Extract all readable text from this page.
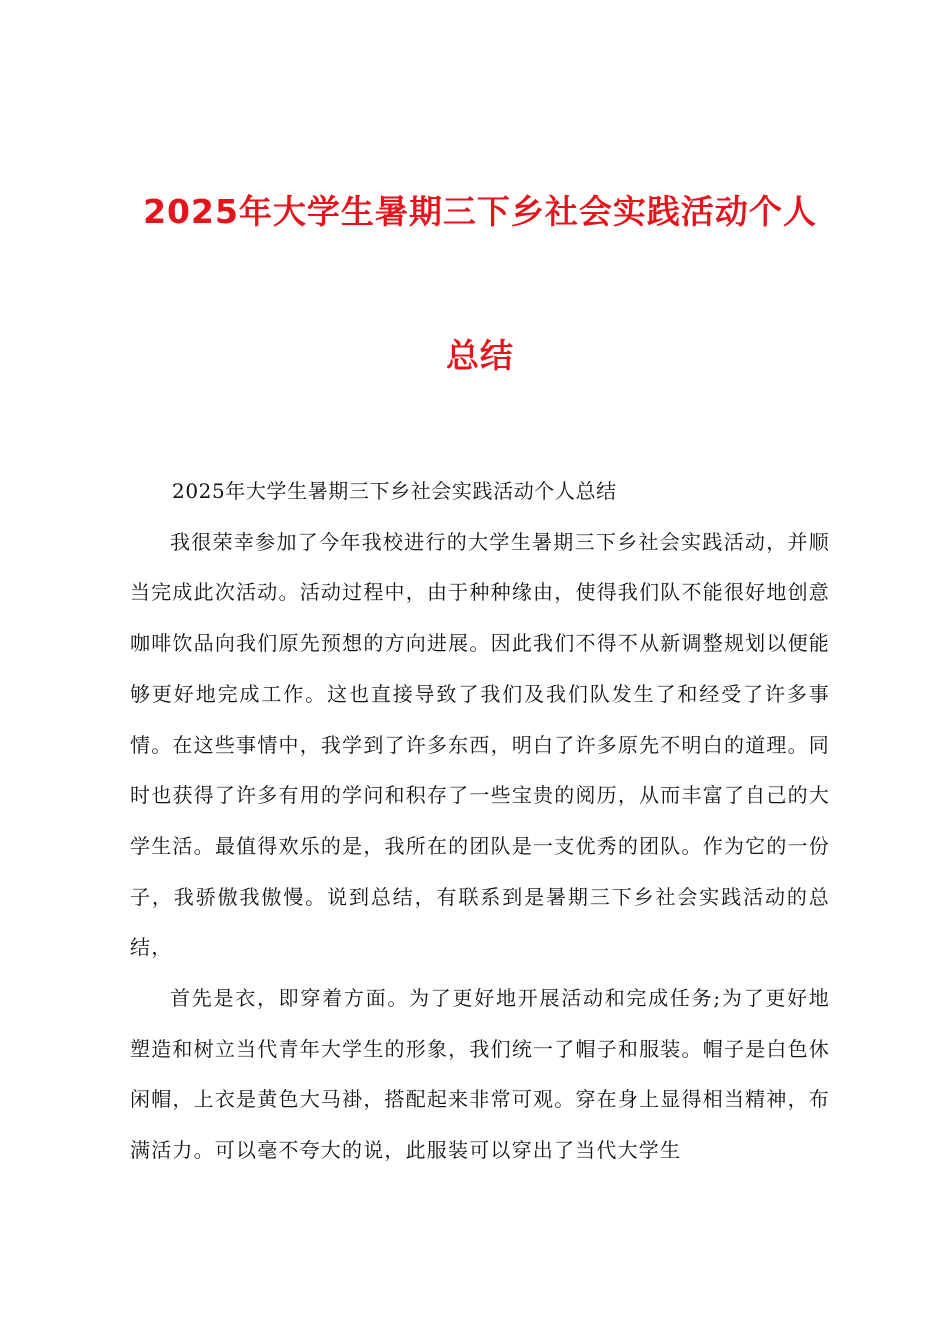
2025年大学生暑期三下乡社会实践活动个人
总结

2025年大学生暑期三下乡社会实践活动个人总结

我很荣幸参加了今年我校进行的大学生暑期三下乡社会实践活动，并顺当完成此次活动。活动过程中，由于种种缘由，使得我们队不能很好地创意咖啡饮品向我们原先预想的方向进展。因此我们不得不从新调整规划以便能够更好地完成工作。这也直接导致了我们及我们队发生了和经受了许多事情。在这些事情中，我学到了许多东西，明白了许多原先不明白的道理。同时也获得了许多有用的学问和积存了一些宝贵的阅历，从而丰富了自己的大学生活。最值得欢乐的是，我所在的团队是一支优秀的团队。作为它的一份子，我骄傲我傲慢。说到总结，有联系到是暑期三下乡社会实践活动的总结，

首先是衣，即穿着方面。为了更好地开展活动和完成任务;为了更好地塑造和树立当代青年大学生的形象，我们统一了帽子和服装。帽子是白色休闲帽，上衣是黄色大马褂，搭配起来非常可观。穿在身上显得相当精神，布满活力。可以毫不夸大的说，此服装可以穿出了当代大学生
